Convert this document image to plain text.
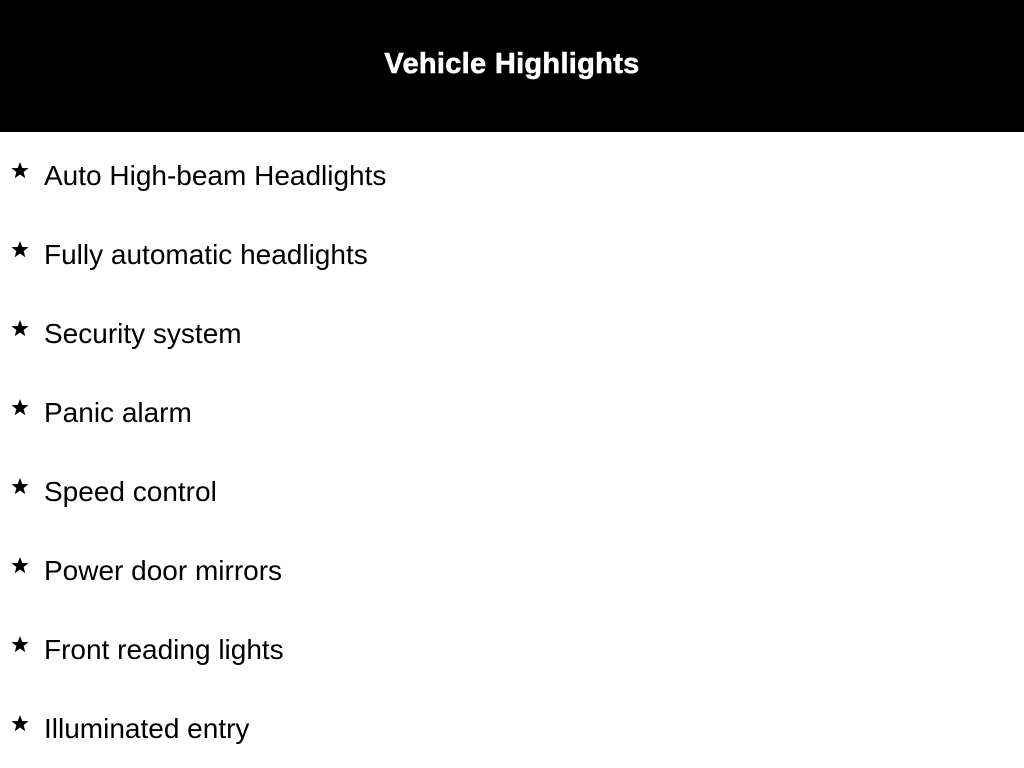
Vehicle Highlights
Auto High-beam Headlights
Fully automatic headlights
Security system
Panic alarm
Speed control
Power door mirrors
Front reading lights
Illuminated entry
